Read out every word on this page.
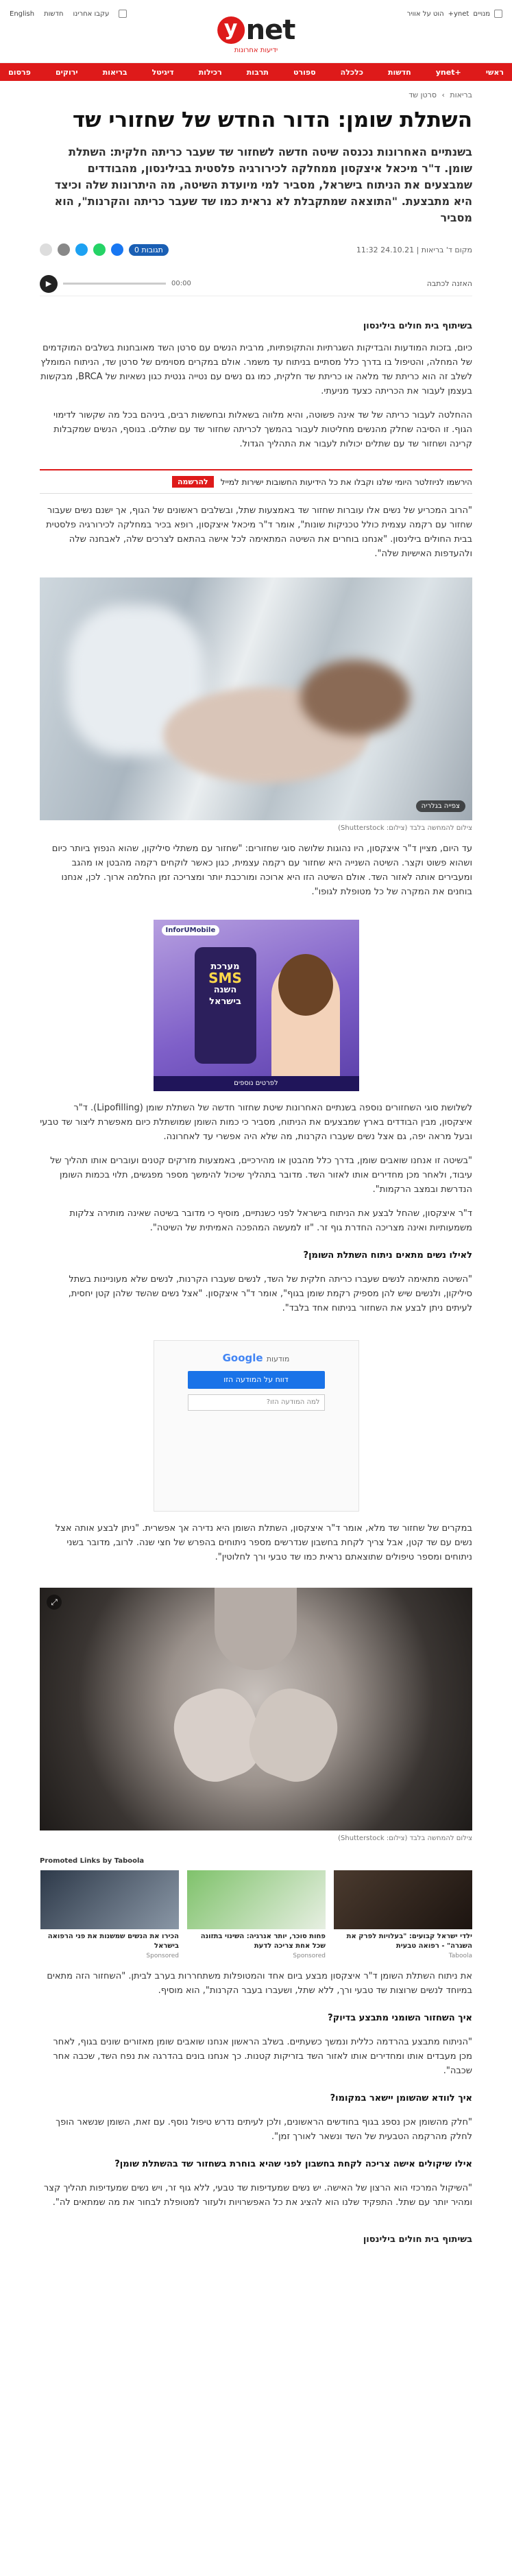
מנויים
ynet+
הוט על אוויר
y net
ידיעות אחרונות
English חדשות עקבו אחרינו
ראשי
+ynet
חדשות
כלכלה
ספורט
תרבות
רכילות
דיגיטל
בריאות
ירוקים
פרסום
בריאות › סרטן שד
השתלת שומן: הדור החדש של שחזורי שד
בשנתיים האחרונות נכנסה שיטה חדשה לשחזור שד שעבר כריתה חלקית: השתלת שומן. ד"ר מיכאל איצקסון ממחלקה לכירורגיה פלסטית בבילינסון, מהבודדים שמבצעים את הניתוח בישראל, מסביר למי מיועדת השיטה, מה היתרונות שלה וכיצד היא מתבצעת. "התוצאה שמתקבלת לא נראית כמו שד שעבר כריתה והקרנות", הוא מסביר
מקום ד' בריאות | 24.10.21 11:32
0 תגובות
האזנה לכתבה
▶	00:00
בשיתוף בית חולים בילינסון

כיום, בזכות המודעות והבדיקות השגרתיות והתקופתיות, מרבית הנשים עם סרטן השד מאובחנות בשלבים המוקדמים של המחלה, והטיפול בו בדרך כלל מסתיים בניתוח עד משמר. אולם במקרים מסוימים של סרטן שד, הניתוח המומלץ לשלב זה הוא כריתת שד מלאה או כריתת שד חלקית, כמו גם נשים עם נטייה גנטית כגון נשאיות של BRCA, מבקשות בעצמן לעבור את הכריתה כצעד מניעתי.

ההחלטה לעבור כריתה של שד אינה פשוטה, והיא מלווה בשאלות ובחששות רבים, ביניהם בכל מה שקשור לדימוי הגוף. זו הסיבה שחלק מהנשים מחליטות לעבור בהמשך לכריתה שחזור שד עם שתלים. בנוסף, הנשים שמקבלות קרינה ושחזור שד עם שתלים יכולות לעבור את התהליך הגדול.

הירשמו לניוזלטר היומי שלנו וקבלו את כל הידיעות החשובות ישירות למייל
להרשמה

"הרוב המכריע של נשים אלו עוברות שחזור שד באמצעות שתל, ובשלבים ראשונים של הגוף, אך ישנם נשים שעבור שחזור עם רקמה עצמית כולל טכניקות שונות", אומר ד"ר מיכאל איצקסון, רופא בכיר במחלקה לכירורגיה פלסטית בבית החולים בילינסון. "אנחנו בוחרים את השיטה המתאימה לכל אישה בהתאם לצרכים שלה, לאבחנה שלה ולהעדפות האישיות שלה".

צפייה בגלריה
צילום להמחשה בלבד (צילום: Shutterstock)

עד היום, מציין ד"ר איצקסון, היו נהוגות שלושה סוגי שחזורים: "שחזור עם משתלי סיליקון, שהוא הנפוץ ביותר כיום ושהוא פשוט וקצר. השיטה השנייה היא שחזור עם רקמה עצמית, כגון כאשר לוקחים רקמה מהבטן או מהגב ומעבירים אותה לאזור השד. אולם השיטה הזו היא ארוכה ומורכבת יותר ומצריכה זמן החלמה ארוך. לכן, אנחנו בוחנים את המקרה של כל מטופלת לגופו".

InforUMobile
מערכת
SMS
השנה בישראל
לפרטים נוספים

לשלושת סוגי השחזורים נוספה בשנתיים האחרונות שיטת שחזור חדשה של השתלת שומן (Lipofilling). ד"ר איצקסון, מבין הבודדים בארץ שמבצעים את הניתוח, מסביר כי כמות השומן שמושתלת כיום מאפשרת ליצור שד טבעי ובעל מראה יפה, גם אצל נשים שעברו הקרנות, מה שלא היה אפשרי עד לאחרונה.

"בשיטה זו אנחנו שואבים שומן, בדרך כלל מהבטן או מהירכיים, באמצעות מזרקים קטנים ועוברים אותו תהליך של עיבוד, ולאחר מכן מחדירים אותו לאזור השד. מדובר בתהליך שיכול להימשך מספר מפגשים, תלוי בכמות השומן הנדרשת ובמצב הרקמות".

ד"ר איצקסון, שהחל לבצע את הניתוח בישראל לפני כשנתיים, מוסיף כי מדובר בשיטה שאינה מותירה צלקות משמעותיות ואינה מצריכה החדרת גוף זר. "זו למעשה המהפכה האמיתית של השיטה".

לאילו נשים מתאים ניתוח השתלת השומן?

"השיטה מתאימה לנשים שעברו כריתה חלקית של השד, לנשים שעברו הקרנות, לנשים שלא מעוניינות בשתל סיליקון, ולנשים שיש להן מספיק רקמת שומן בגוף", אומר ד"ר איצקסון. "אצל נשים שהשד שלהן קטן יחסית, לעיתים ניתן לבצע את השחזור בניתוח אחד בלבד".

Google מודעות
דווח על המודעה הזו
למה המודעה הזו?

במקרים של שחזור שד מלא, אומר ד"ר איצקסון, השתלת השומן היא נדירה אך אפשרית. "ניתן לבצע אותה אצל נשים עם שד קטן, אבל צריך לקחת בחשבון שנדרשים מספר ניתוחים בהפרש של חצי שנה. לרוב, מדובר בשני ניתוחים ומספר טיפולים שתוצאתם נראית כמו שד טבעי ורך לחלוטין".

⤢
צילום להמחשה בלבד (צילום: Shutterstock)
Promoted Links by Taboola
ילדי ישראל קבועים: "בעלויות לפרק את השגרה" - רפואה טבעית
Taboola
פחות סוכר, יותר אנרגיה: השינוי בתזונה שכל אחת צריכה לדעת
Sponsored
הכירו את הנשים שמשנות את פני הרפואה בישראל
Sponsored

את ניתוח השתלת השומן ד"ר איצקסון מבצע ביום אחד והמטופלות משתחררות בערב לביתן. "השחזור הזה מתאים במיוחד לנשים שרוצות שד טבעי ורך, ללא שתל, ושעברו בעבר הקרנות", הוא מוסיף.

איך השחזור השומני מתבצע בדיוק?

"הניתוח מתבצע בהרדמה כללית ונמשך כשעתיים. בשלב הראשון אנחנו שואבים שומן מאזורים שונים בגוף, לאחר מכן מעבדים אותו ומחדירים אותו לאזור השד בזריקות קטנות. כך אנחנו בונים בהדרגה את נפח השד, שכבה אחר שכבה".

איך לוודא שהשומן יישאר במקומו?

"חלק מהשומן אכן נספג בגוף בחודשים הראשונים, ולכן לעיתים נדרש טיפול נוסף. עם זאת, השומן שנשאר הופך לחלק מהרקמה הטבעית של השד ונשאר לאורך זמן".

אילו שיקולים אישה צריכה לקחת בחשבון לפני שהיא בוחרת בשחזור שד בהשתלת שומן?

"השיקול המרכזי הוא הרצון של האישה. יש נשים שמעדיפות שד טבעי, ללא גוף זר, ויש נשים שמעדיפות תהליך קצר ומהיר יותר עם שתל. התפקיד שלנו הוא להציג את כל האפשרויות ולעזור למטופלת לבחור את מה שמתאים לה".

בשיתוף בית חולים בילינסון
